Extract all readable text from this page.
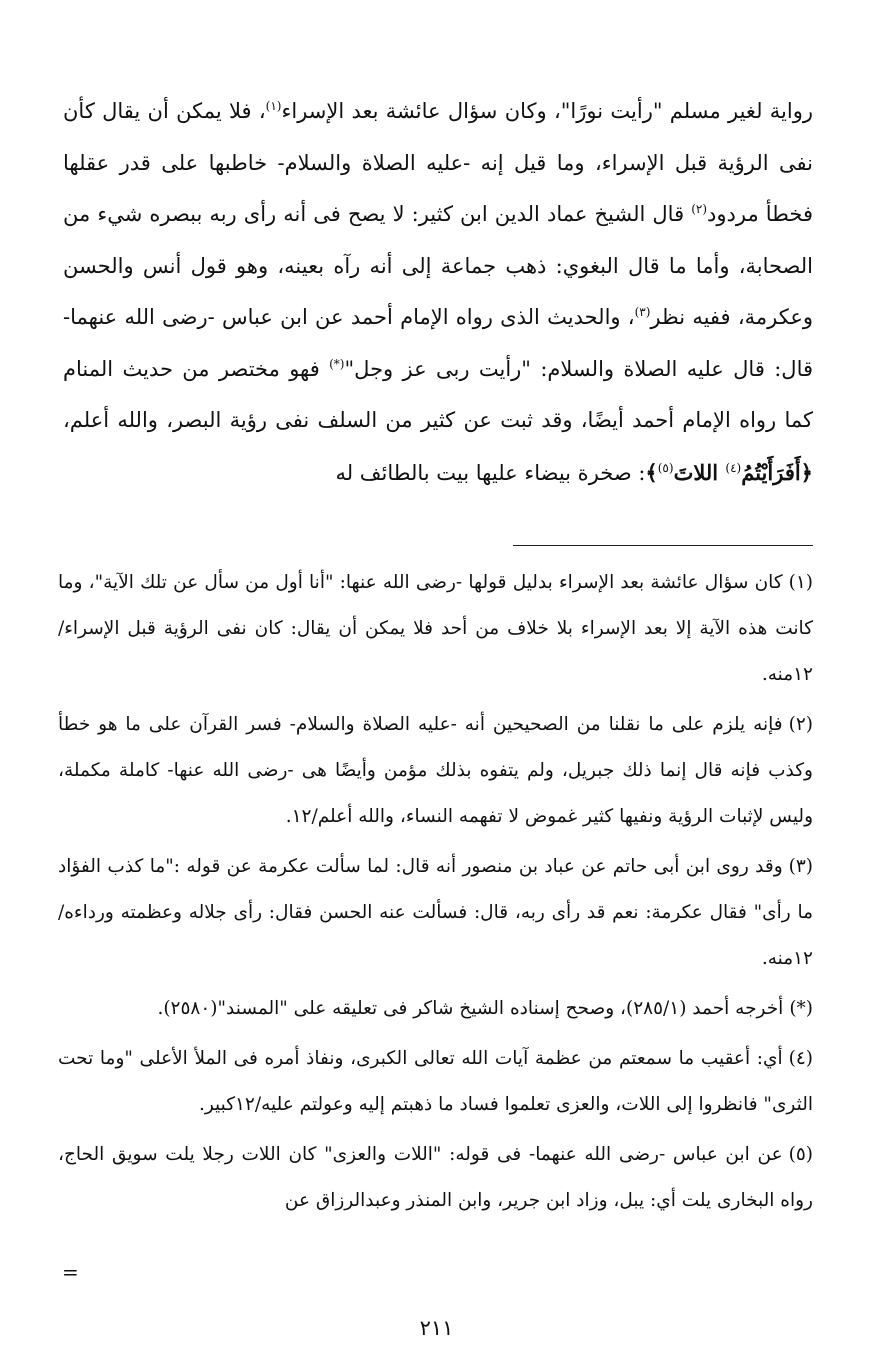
رواية لغير مسلم "رأيت نورًا"، وكان سؤال عائشة بعد الإسراء$^{(١)}$، فلا يمكن أن يقال كأن نفى الرؤية قبل الإسراء، وما قيل إنه -عليه الصلاة والسلام- خاطبها على قدر عقلها فخطأ مردود$^{(٢)}$ قال الشيخ عماد الدين ابن كثير: لا يصح فى أنه رأى ربه ببصره شيء من الصحابة، وأما ما قال البغوي: ذهب جماعة إلى أنه رآه بعينه، وهو قول أنس والحسن وعكرمة، ففيه نظر$^{(٣)}$، والحديث الذى رواه الإمام أحمد عن ابن عباس -رضى الله عنهما- قال: قال عليه الصلاة والسلام: "رأيت ربى عز وجل"(*) فهو مختصر من حديث المنام كما رواه الإمام أحمد أيضًا، وقد ثبت عن كثير من السلف نفى رؤية البصر، والله أعلم، ﴿أَفَرَأَيْتُمُ$^{(٤)}$ اللاتَ$^{(٥)}$﴾: صخرة بيضاء عليها بيت بالطائف له

(١)كان سؤال عائشة بعد الإسراء بدليل قولها -رضى الله عنها: "أنا أول من سأل عن تلك الآية"، وما كانت هذه الآية إلا بعد الإسراء بلا خلاف من أحد فلا يمكن أن يقال: كان نفى الرؤية قبل الإسراء/١٢منه.
(٢)فإنه يلزم على ما نقلنا من الصحيحين أنه -عليه الصلاة والسلام- فسر القرآن على ما هو خطأ وكذب فإنه قال إنما ذلك جبريل، ولم يتفوه بذلك مؤمن وأيضًا هى -رضى الله عنها- كاملة مكملة، وليس لإثبات الرؤية ونفيها كثير غموض لا تفهمه النساء، والله أعلم/١٢.
(٣)وقد روى ابن أبى حاتم عن عباد بن منصور أنه قال: لما سألت عكرمة عن قوله :"ما كذب الفؤاد ما رأى" فقال عكرمة: نعم قد رأى ربه، قال: فسألت عنه الحسن فقال: رأى جلاله وعظمته ورداءه/١٢منه.
(*)أخرجه أحمد (٢٨٥/١)، وصحح إسناده الشيخ شاكر فى تعليقه على "المسند"(٢٥٨٠).
(٤)أي: أعقيب ما سمعتم من عظمة آيات الله تعالى الكبرى، ونفاذ أمره فى الملأ الأعلى "وما تحت الثرى" فانظروا إلى اللات، والعزى تعلموا فساد ما ذهبتم إليه وعولتم عليه/١٢كبير.
(٥)عن ابن عباس -رضى الله عنهما- فى قوله: "اللات والعزى" كان اللات رجلا يلت سويق الحاج، رواه البخارى يلت أي: يبل، وزاد ابن جرير، وابن المنذر وعبدالرزاق عن
=
٢١١
